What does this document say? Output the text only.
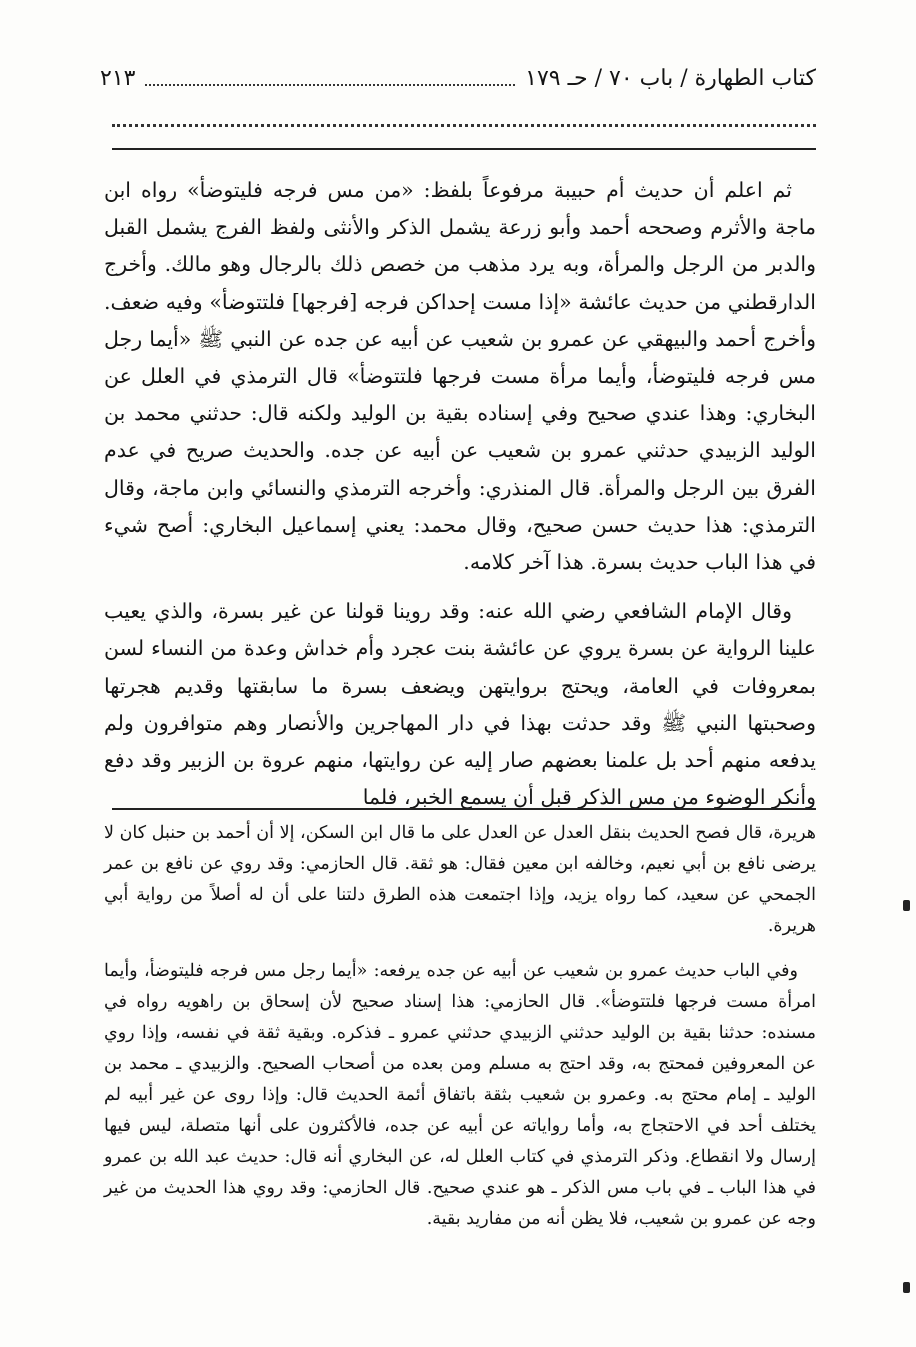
كتاب الطهارة / باب ٧٠ / حـ ١٧٩
٢١٣

ثم اعلم أن حديث أم حبيبة مرفوعاً بلفظ: «من مس فرجه فليتوضأ» رواه ابن ماجة والأثرم وصححه أحمد وأبو زرعة يشمل الذكر والأنثى ولفظ الفرج يشمل القبل والدبر من الرجل والمرأة، وبه يرد مذهب من خصص ذلك بالرجال وهو مالك. وأخرج الدارقطني من حديث عائشة «إذا مست إحداكن فرجه [فرجها] فلتتوضأ» وفيه ضعف. وأخرج أحمد والبيهقي عن عمرو بن شعيب عن أبيه عن جده عن النبي ﷺ «أيما رجل مس فرجه فليتوضأ، وأيما مرأة مست فرجها فلتتوضأ» قال الترمذي في العلل عن البخاري: وهذا عندي صحيح وفي إسناده بقية بن الوليد ولكنه قال: حدثني محمد بن الوليد الزبيدي حدثني عمرو بن شعيب عن أبيه عن جده. والحديث صريح في عدم الفرق بين الرجل والمرأة. قال المنذري: وأخرجه الترمذي والنسائي وابن ماجة، وقال الترمذي: هذا حديث حسن صحيح، وقال محمد: يعني إسماعيل البخاري: أصح شيء في هذا الباب حديث بسرة. هذا آخر كلامه.

وقال الإمام الشافعي رضي الله عنه: وقد روينا قولنا عن غير بسرة، والذي يعيب علينا الرواية عن بسرة يروي عن عائشة بنت عجرد وأم خداش وعدة من النساء لسن بمعروفات في العامة، ويحتج بروايتهن ويضعف بسرة ما سابقتها وقديم هجرتها وصحبتها النبي ﷺ وقد حدثت بهذا في دار المهاجرين والأنصار وهم متوافرون ولم يدفعه منهم أحد بل علمنا بعضهم صار إليه عن روايتها، منهم عروة بن الزبير وقد دفع وأنكر الوضوء من مس الذكر قبل أن يسمع الخبر، فلما

هريرة، قال فصح الحديث بنقل العدل عن العدل على ما قال ابن السكن، إلا أن أحمد بن حنبل كان لا يرضى نافع بن أبي نعيم، وخالفه ابن معين فقال: هو ثقة. قال الحازمي: وقد روي عن نافع بن عمر الجمحي عن سعيد، كما رواه يزيد، وإذا اجتمعت هذه الطرق دلتنا على أن له أصلاً من رواية أبي هريرة.

وفي الباب حديث عمرو بن شعيب عن أبيه عن جده يرفعه: «أيما رجل مس فرجه فليتوضأ، وأيما امرأة مست فرجها فلتتوضأ». قال الحازمي: هذا إسناد صحيح لأن إسحاق بن راهويه رواه في مسنده: حدثنا بقية بن الوليد حدثني الزبيدي حدثني عمرو ـ فذكره. وبقية ثقة في نفسه، وإذا روي عن المعروفين فمحتج به، وقد احتج به مسلم ومن بعده من أصحاب الصحيح. والزبيدي ـ محمد بن الوليد ـ إمام محتج به. وعمرو بن شعيب بثقة باتفاق أئمة الحديث قال: وإذا روى عن غير أبيه لم يختلف أحد في الاحتجاج به، وأما رواياته عن أبيه عن جده، فالأكثرون على أنها متصلة، ليس فيها إرسال ولا انقطاع. وذكر الترمذي في كتاب العلل له، عن البخاري أنه قال: حديث عبد الله بن عمرو في هذا الباب ـ في باب مس الذكر ـ هو عندي صحيح. قال الحازمي: وقد روي هذا الحديث من غير وجه عن عمرو بن شعيب، فلا يظن أنه من مفاريد بقية.
